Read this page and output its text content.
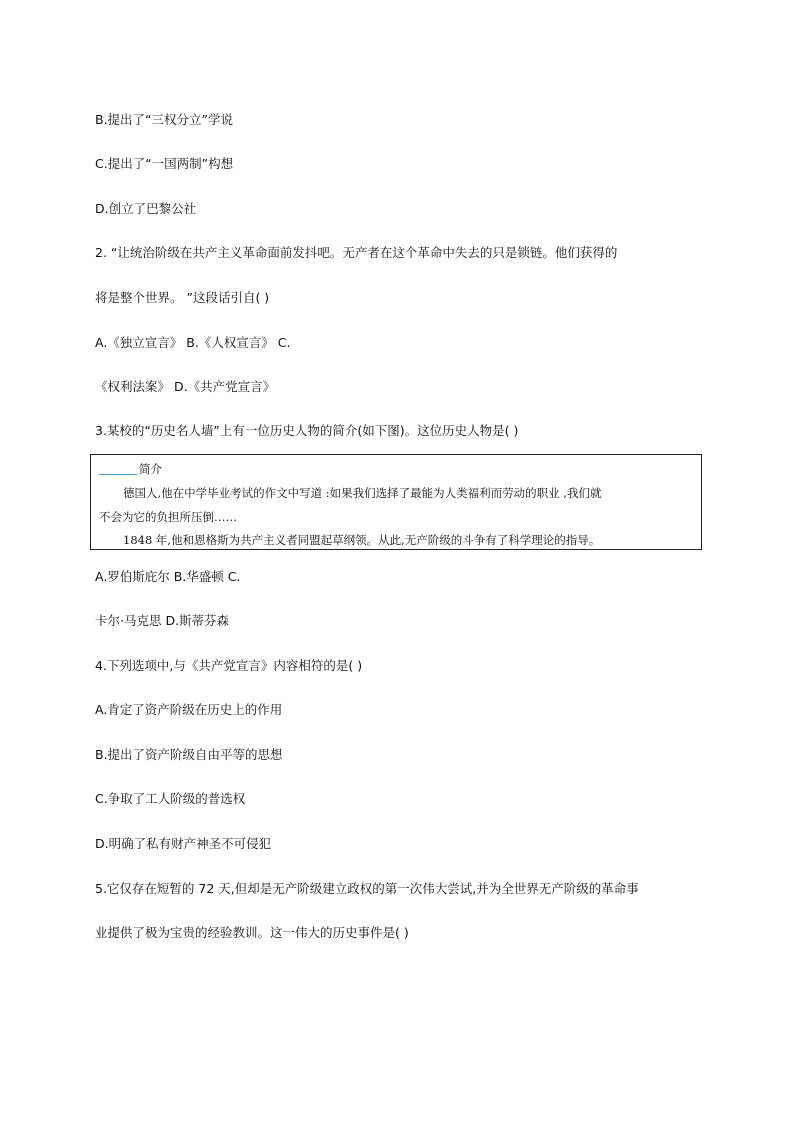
B.提出了“三权分立”学说
C.提出了“一国两制”构想
D.创立了巴黎公社
2. “让统治阶级在共产主义革命面前发抖吧。无产者在这个革命中失去的只是锁链。他们获得的
将是整个世界。 ”这段话引自( )
A.《独立宣言》 B.《人权宣言》 C.
《权利法案》 D.《共产党宣言》
3.某校的“历史名人墙”上有一位历史人物的简介(如下图)。这位历史人物是( )
简介
德国人,他在中学毕业考试的作文中写道 :如果我们选择了最能为人类福利而劳动的职业 ,我们就
不会为它的负担所压倒……
1848 年,他和恩格斯为共产主义者同盟起草纲领。从此,无产阶级的斗争有了科学理论的指导。
A.罗伯斯庇尔 B.华盛顿 C.
卡尔·马克思 D.斯蒂芬森
4.下列选项中,与《共产党宣言》内容相符的是( )
A.肯定了资产阶级在历史上的作用
B.提出了资产阶级自由平等的思想
C.争取了工人阶级的普选权
D.明确了私有财产神圣不可侵犯
5.它仅存在短暂的 72 天,但却是无产阶级建立政权的第一次伟大尝试,并为全世界无产阶级的革命事
业提供了极为宝贵的经验教训。这一伟大的历史事件是( )
